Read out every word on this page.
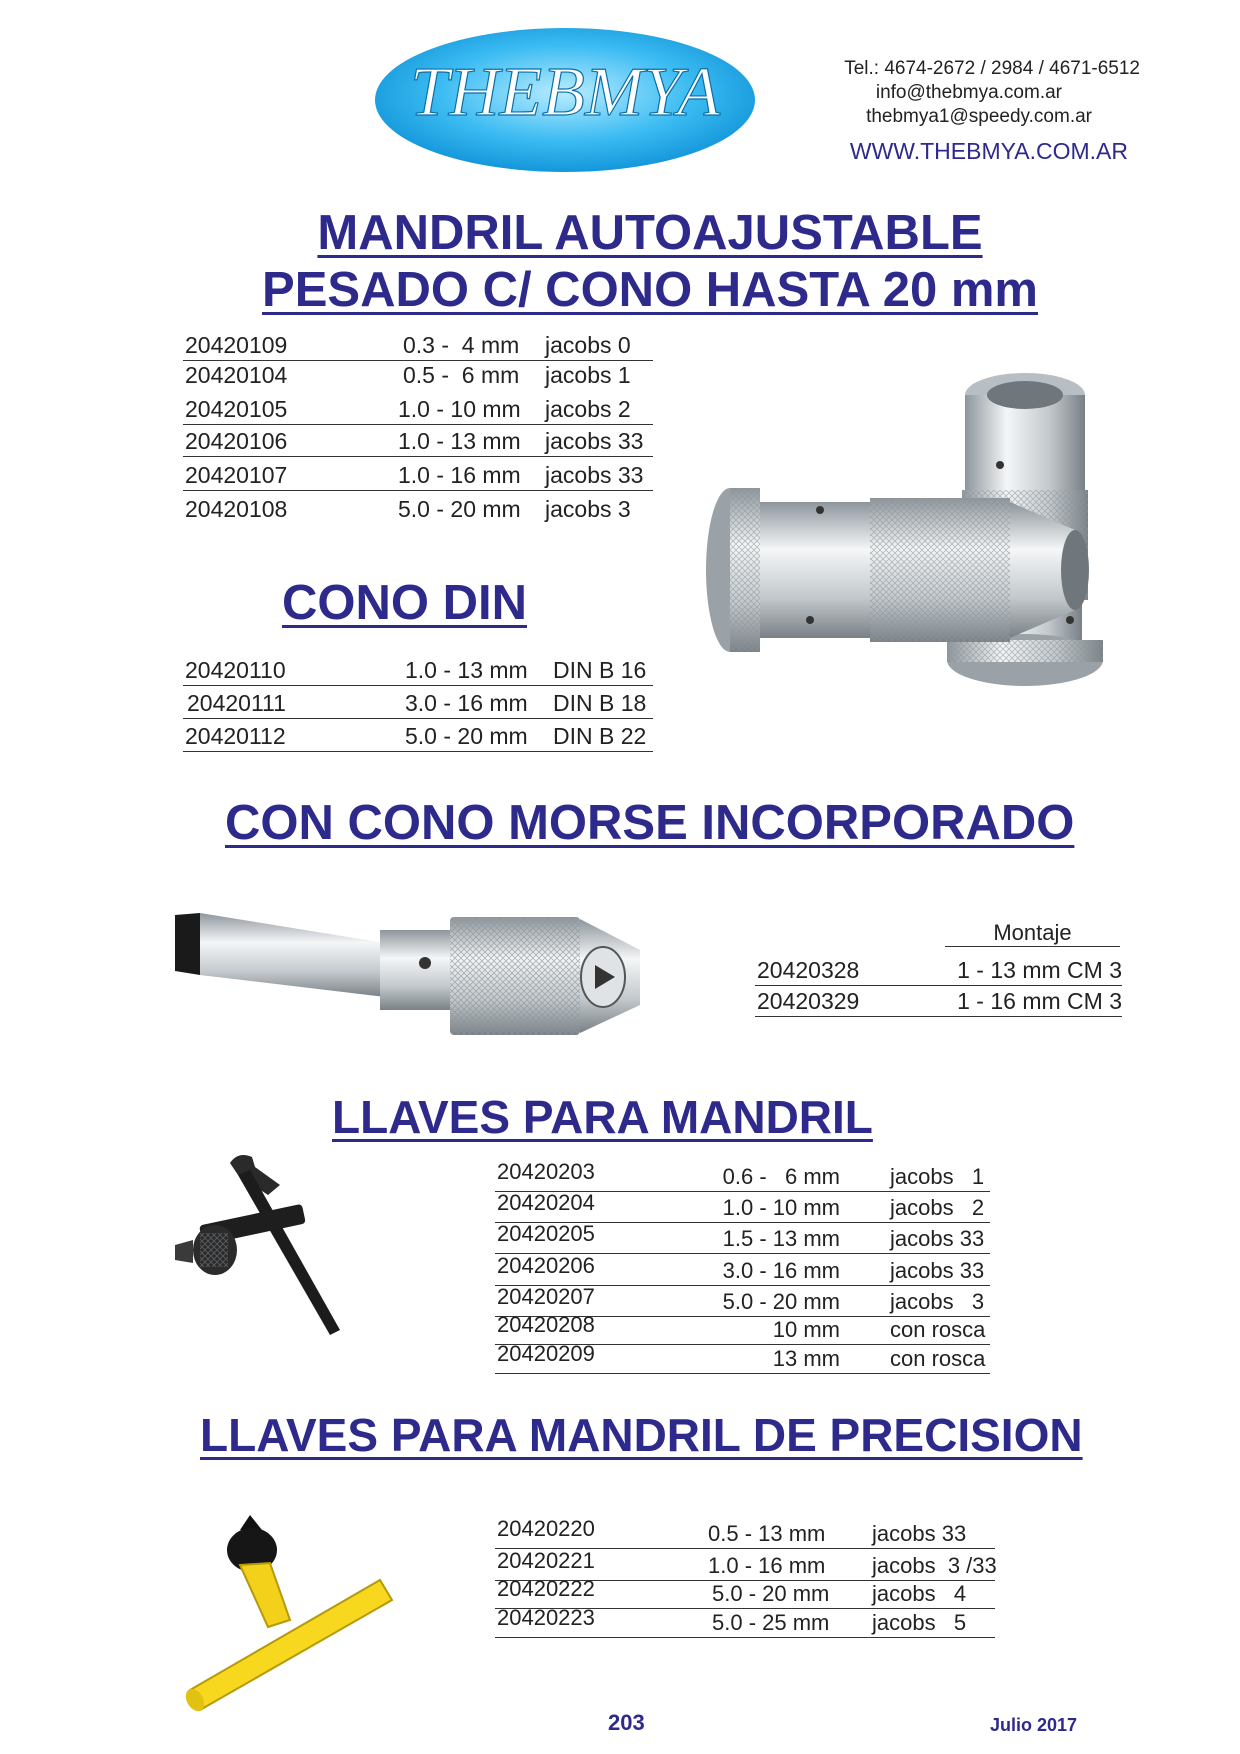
THEBMYA	Tel.: 4674-2672 / 2984 / 4671-6512
info@thebmya.com.ar
thebmya1@speedy.com.ar
WWW.THEBMYA.COM.AR
MANDRIL AUTOAJUSTABLE
PESADO C/ CONO HASTA 20 mm
20420109	0.3 -  4 mm jacobs 0
20420104	0.5 -  6 mm jacobs 1
20420105	1.0 - 10 mm jacobs 2
20420106	1.0 - 13 mm jacobs 33
20420107	1.0 - 16 mm jacobs 33
20420108	5.0 - 20 mm jacobs 3
CONO DIN
20420110	1.0 - 13 mm DIN B 16
20420111	3.0 - 16 mm DIN B 18
20420112	5.0 - 20 mm DIN B 22
CON CONO MORSE INCORPORADO
Montaje
20420328	1 - 13 mm CM 3
20420329	1 - 16 mm CM 3
LLAVES PARA MANDRIL
20420203	0.6 -   6 mm jacobs   1
20420204	1.0 - 10 mm jacobs   2
20420205	1.5 - 13 mm jacobs 33
20420206	3.0 - 16 mm jacobs 33
20420207	5.0 - 20 mm jacobs   3
20420208	10 mm con rosca
20420209	13 mm con rosca
LLAVES PARA MANDRIL DE PRECISION
20420220	0.5 - 13 mm jacobs 33
20420221	1.0 - 16 mm jacobs  3 /33
20420222	5.0 - 20 mm jacobs   4
20420223	5.0 - 25 mm jacobs   5
203	Julio 2017
